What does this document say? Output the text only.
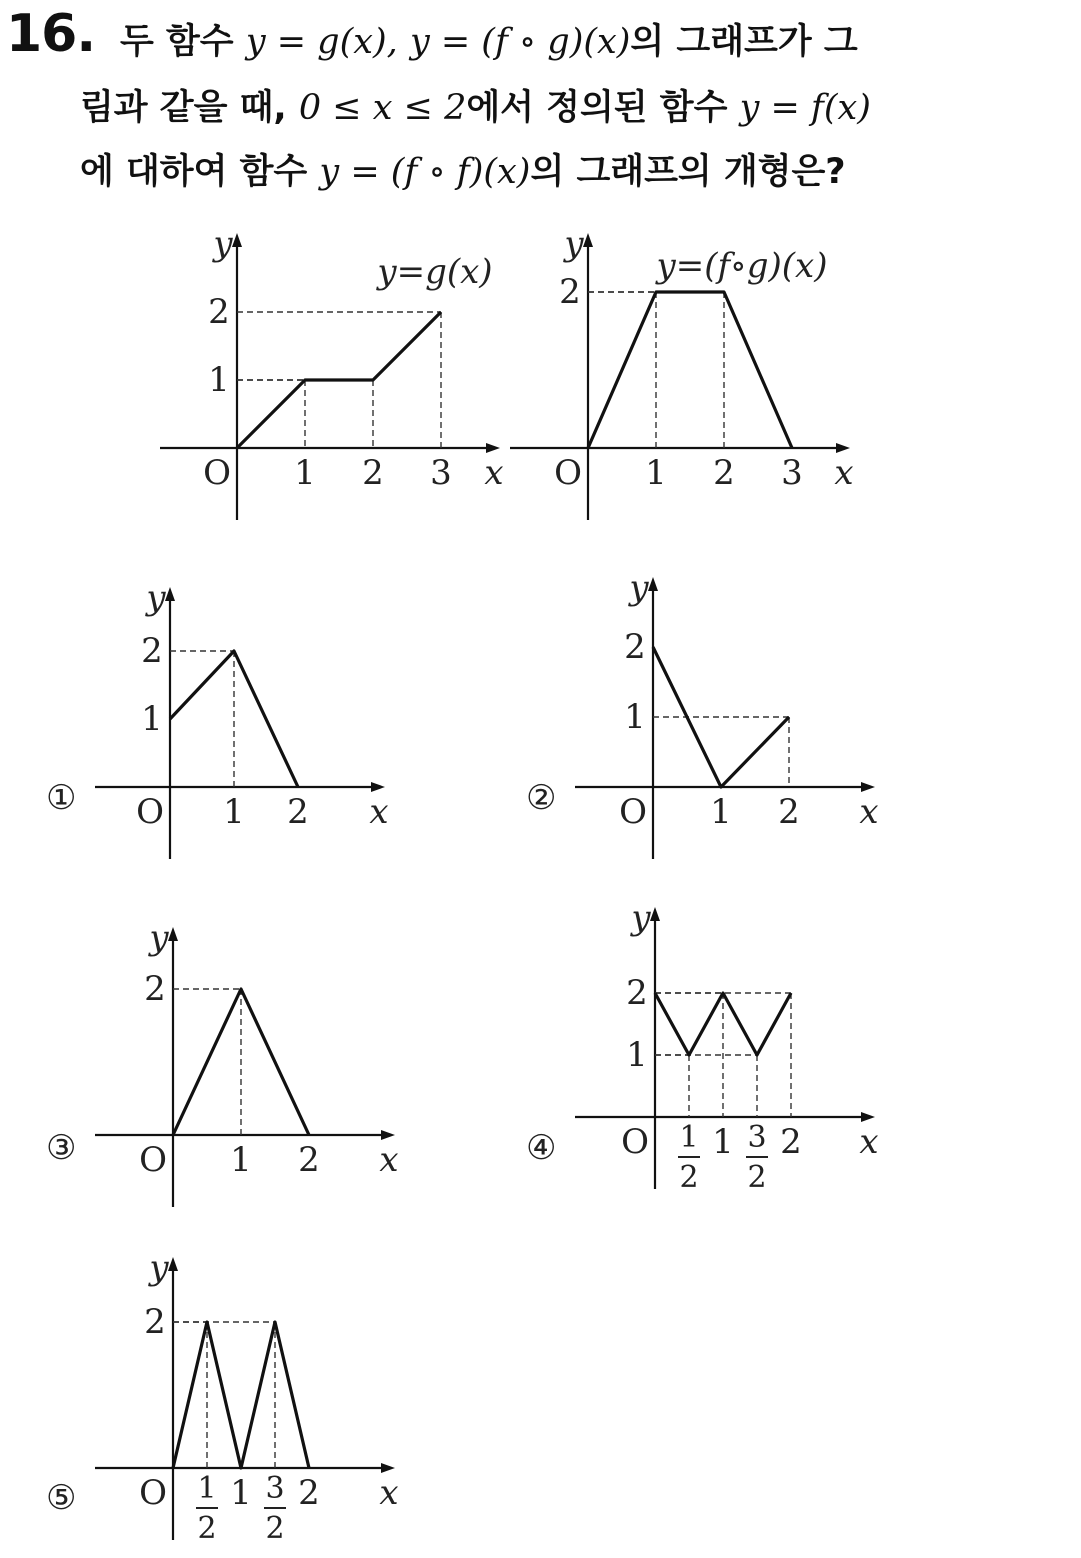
16. 두 함수 y = g(x), y = (f ∘ g)(x)의 그래프가 그
림과 같을 때, 0 ≤ x ≤ 2에서 정의된 함수 y = f(x)
에 대하여 함수 y = (f ∘ f)(x)의 그래프의 개형은?
x
y
O
1
2
1 2 3
y=g(x)
x
y
O
2
1 2 3
y=(f∘g)(x)
①	x
y
O
1
2
1 2	②	x
y
O
1
2
1 2
③	x
y
O
2
1 2	④	x
y
O
1
2
1
2
1 3
2
2
⑤	x
y
O
2
1
2
1 3
2
2
